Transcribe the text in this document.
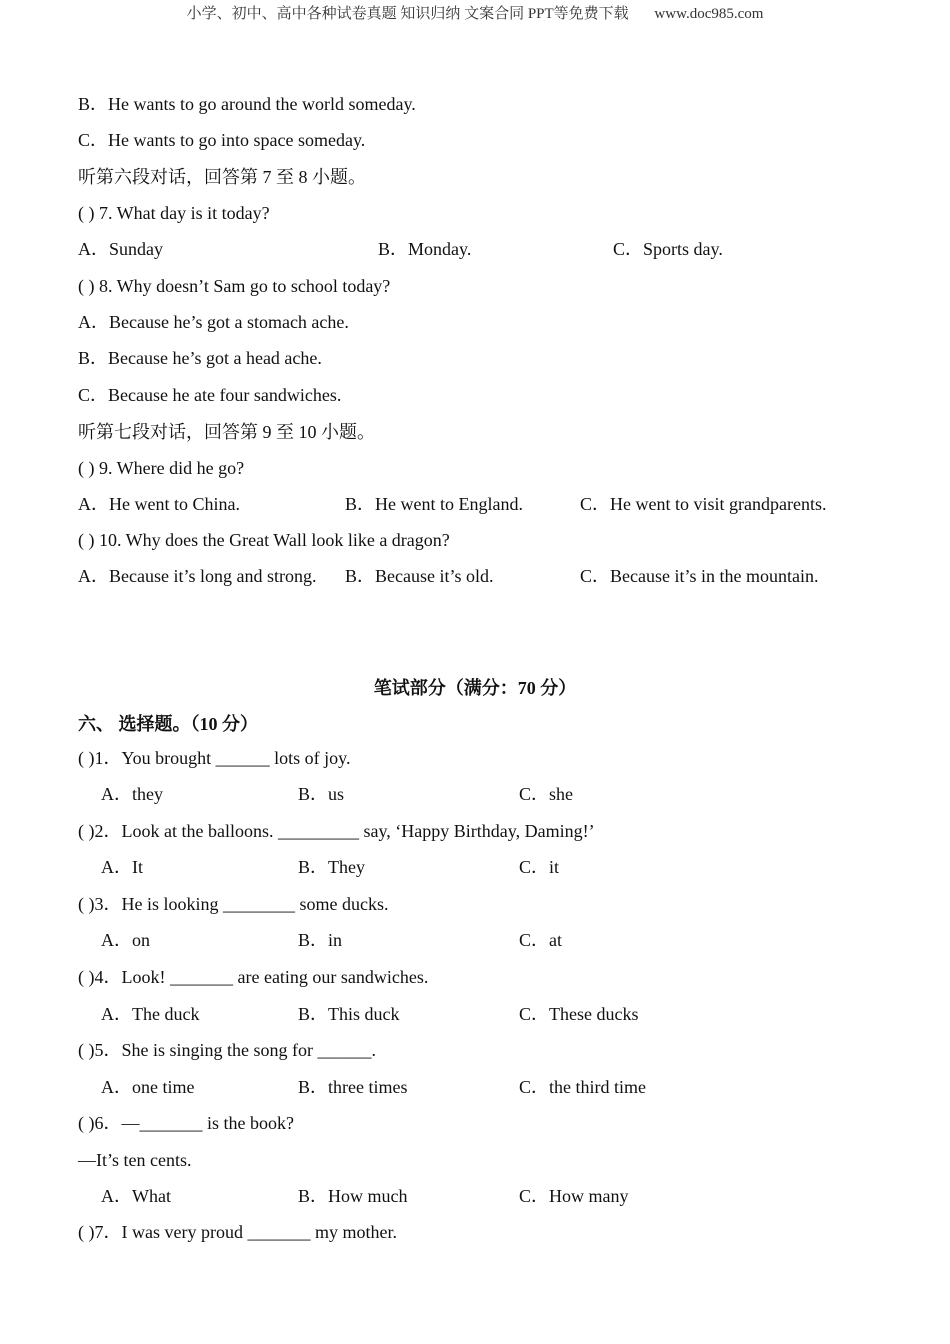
小学、初中、高中各种试卷真题 知识归纳 文案合同 PPT等免费下载 www.doc985.com
B．He wants to go around the world someday.
C．He wants to go into space someday.
听第六段对话，回答第 7 至 8 小题。
( ) 7. What day is it today?
A．Sunday	B．Monday.	C．Sports day.
( ) 8. Why doesn’t Sam go to school today?
A．Because he’s got a stomach ache.
B．Because he’s got a head ache.
C．Because he ate four sandwiches.
听第七段对话，回答第 9 至 10 小题。
( ) 9. Where did he go?
A．He went to China.	B．He went to England.	C．He went to visit grandparents.
( ) 10. Why does the Great Wall look like a dragon?
A．Because it’s long and strong. B．Because it’s old.	C．Because it’s in the mountain.
笔试部分（满分：70 分）
六、 选择题。（10 分）
( )1．You brought ______ lots of joy.
A．they	B．us	C．she
( )2．Look at the balloons. _________ say, ‘Happy Birthday, Daming!’
A．It	B．They	C．it
( )3．He is looking ________ some ducks.
A．on	B．in	C．at
( )4．Look! _______ are eating our sandwiches.
A．The duck	B．This duck	C．These ducks
( )5．She is singing the song for ______.
A．one time	B．three times	C．the third time
( )6．—_______ is the book?
—It’s ten cents.
A．What	B．How much	C．How many
( )7．I was very proud _______ my mother.
